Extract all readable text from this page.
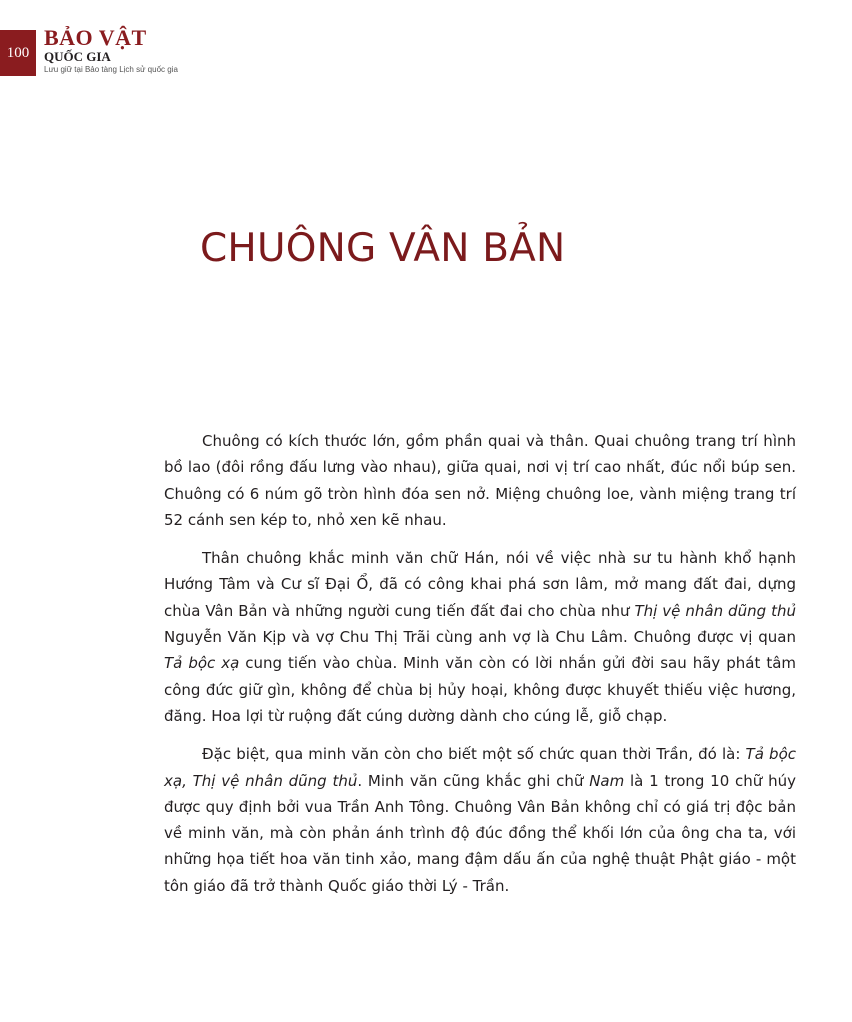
100
BẢO VẬT
QUỐC GIA
Lưu giữ tại Bảo tàng Lịch sử quốc gia
CHUÔNG VÂN BẢN

Chuông có kích thước lớn, gồm phần quai và thân. Quai chuông trang trí hình bồ lao (đôi rồng đấu lưng vào nhau), giữa quai, nơi vị trí cao nhất, đúc nổi búp sen. Chuông có 6 núm gõ tròn hình đóa sen nở. Miệng chuông loe, vành miệng trang trí 52 cánh sen kép to, nhỏ xen kẽ nhau.

Thân chuông khắc minh văn chữ Hán, nói về việc nhà sư tu hành khổ hạnh Hướng Tâm và Cư sĩ Đại Ổ, đã có công khai phá sơn lâm, mở mang đất đai, dựng chùa Vân Bản và những người cung tiến đất đai cho chùa như Thị vệ nhân dũng thủ Nguyễn Văn Kịp và vợ Chu Thị Trãi cùng anh vợ là Chu Lâm. Chuông được vị quan Tả bộc xạ cung tiến vào chùa. Minh văn còn có lời nhắn gửi đời sau hãy phát tâm công đức giữ gìn, không để chùa bị hủy hoại, không được khuyết thiếu việc hương, đăng. Hoa lợi từ ruộng đất cúng dường dành cho cúng lễ, giỗ chạp.

Đặc biệt, qua minh văn còn cho biết một số chức quan thời Trần, đó là: Tả bộc xạ, Thị vệ nhân dũng thủ. Minh văn cũng khắc ghi chữ Nam là 1 trong 10 chữ húy được quy định bởi vua Trần Anh Tông. Chuông Vân Bản không chỉ có giá trị độc bản về minh văn, mà còn phản ánh trình độ đúc đồng thể khối lớn của ông cha ta, với những họa tiết hoa văn tinh xảo, mang đậm dấu ấn của nghệ thuật Phật giáo - một tôn giáo đã trở thành Quốc giáo thời Lý - Trần.
